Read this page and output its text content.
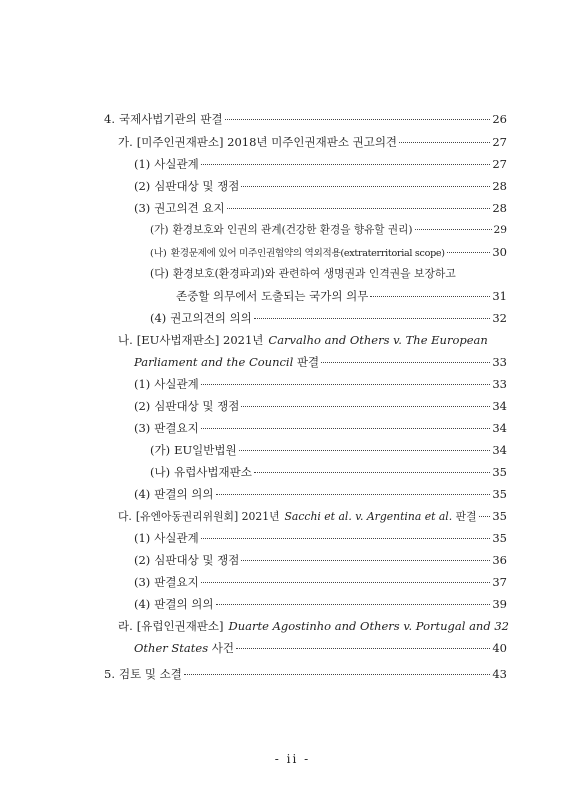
4. 국제사법기관의 판결	26
가. [미주인권재판소] 2018년 미주인권재판소 권고의견	27
(1) 사실관계	27
(2) 심판대상 및 쟁점	28
(3) 권고의견 요지	28
(가) 환경보호와 인권의 관계(건강한 환경을 향유할 권리)	29
(나) 환경문제에 있어 미주인권협약의 역외적용(extraterritorial scope)	30
(다) 환경보호(환경파괴)와 관련하여 생명권과 인격권을 보장하고
존중할 의무에서 도출되는 국가의 의무	31
(4) 권고의견의 의의	32
나. [EU사법재판소] 2021년 Carvalho and Others v. The European
Parliament and the Council 판결	33
(1) 사실관계	33
(2) 심판대상 및 쟁점	34
(3) 판결요지	34
(가) EU일반법원	34
(나) 유럽사법재판소	35
(4) 판결의 의의	35
다. [유엔아동권리위원회] 2021년 Sacchi et al. v. Argentina et al. 판결 35
(1) 사실관계	35
(2) 심판대상 및 쟁점	36
(3) 판결요지	37
(4) 판결의 의의	39
라. [유럽인권재판소] Duarte Agostinho and Others v. Portugal and 32
Other States 사건	40
5. 검토 및 소결	43
- ii -
